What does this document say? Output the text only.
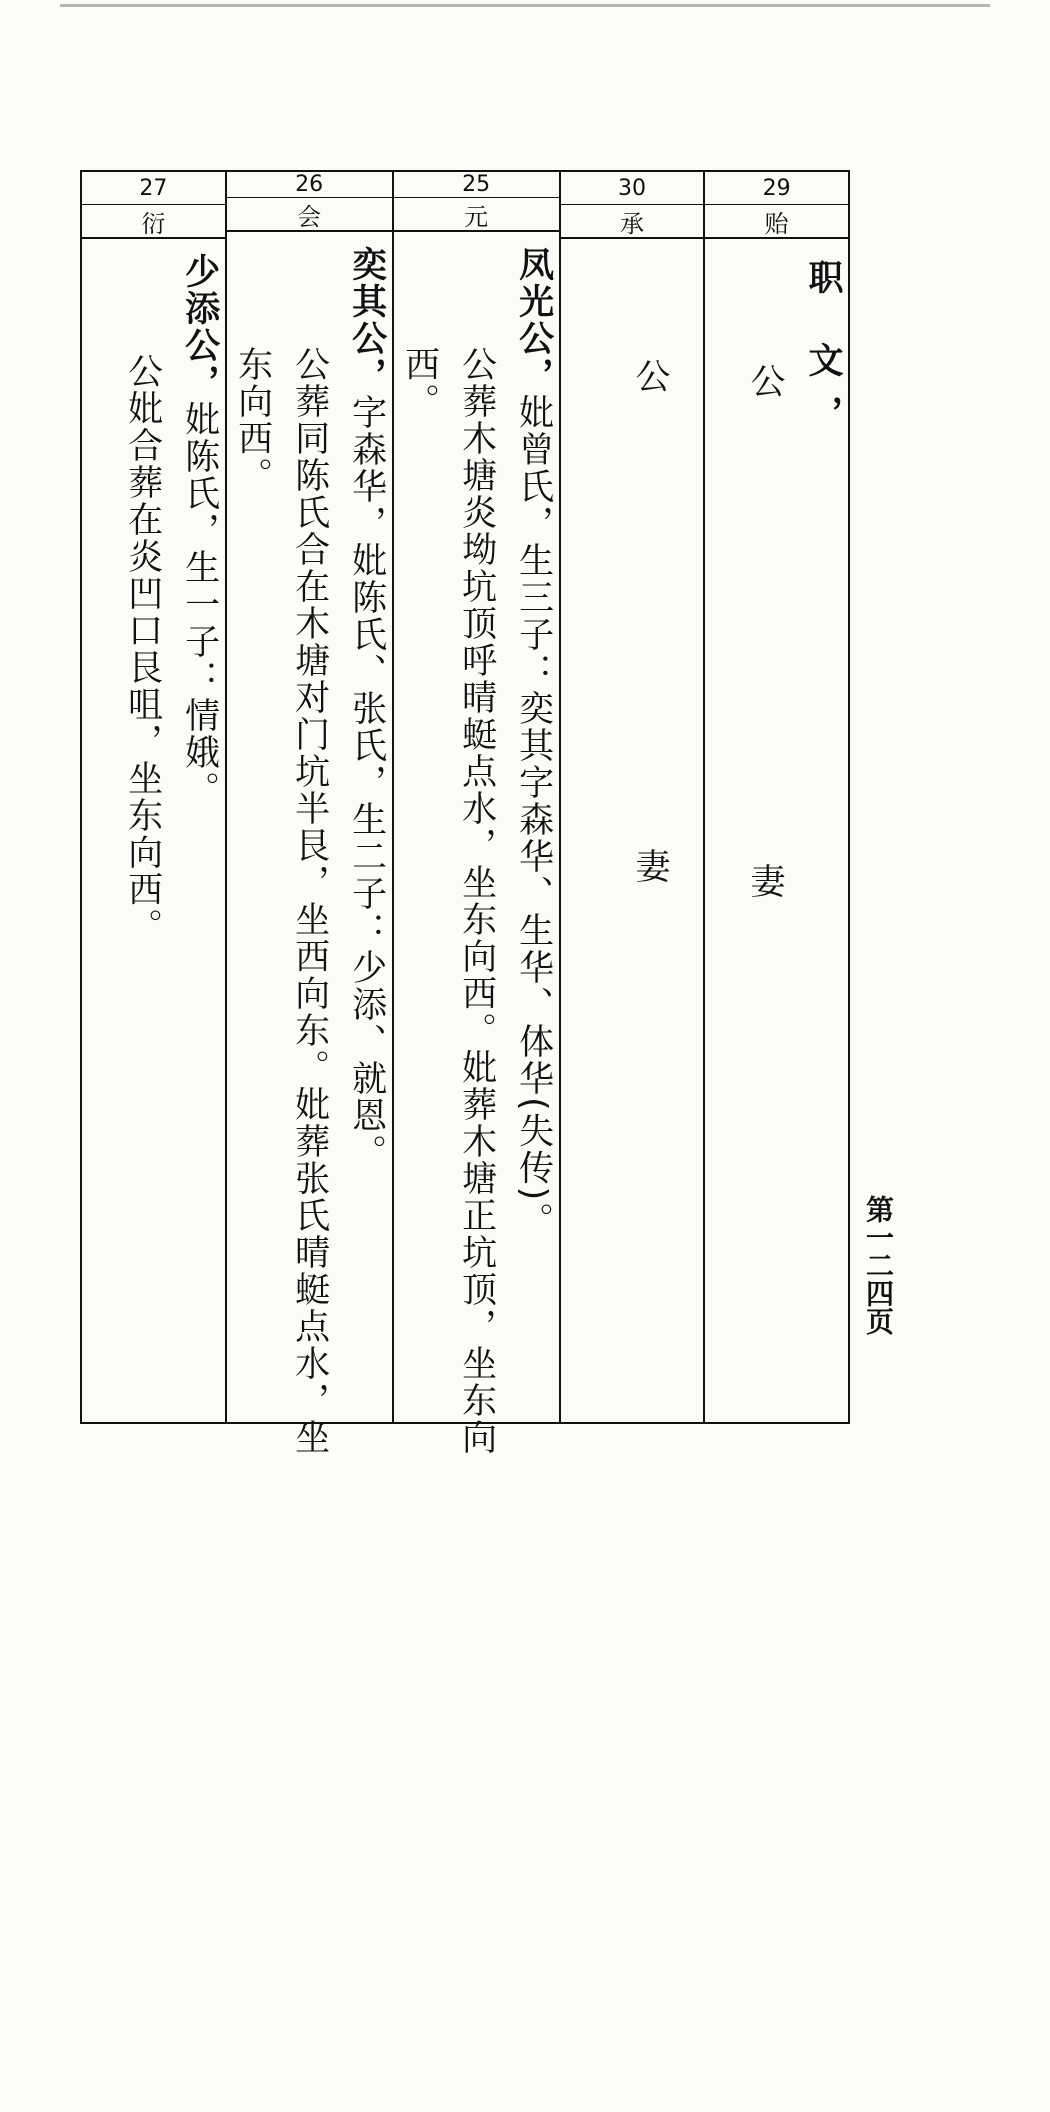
27
衍
少添公，妣陈氏，生一子：情娥。
公妣合葬在炎凹口艮咀，坐东向西。
26
会
奕其公，字森华，妣陈氏、张氏，生二子：少添、就恩。
公葬同陈氏合在木塘对门坑半艮，坐西向东。妣葬张氏晴蜓点水，坐
东向西。
25
元
凤光公，妣曾氏，生三子：奕其字森华、生华、体华(失传)。
公葬木塘炎坳坑顶呼晴蜓点水，坐东向西。妣葬木塘正坑顶，坐东向
西。
30
承
公
妻
29
贻
职 文，
公
妻
第一二四页
